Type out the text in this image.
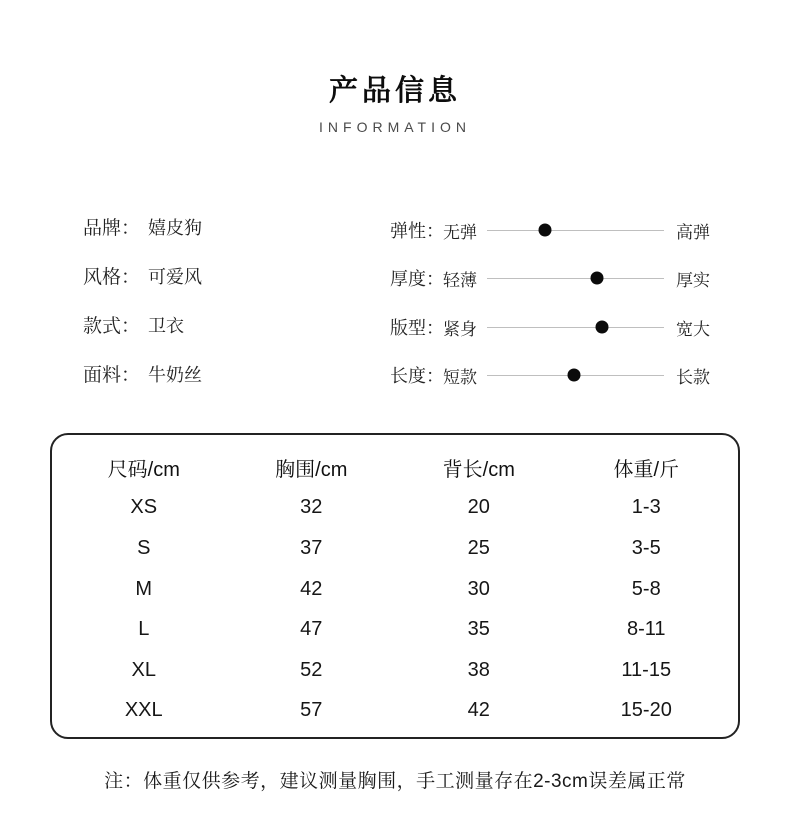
产品信息
INFORMATION
品牌： 嬉皮狗
风格： 可爱风
款式： 卫衣
面料： 牛奶丝
弹性： 无弹	高弹
厚度： 轻薄	厚实
版型： 紧身	宽大
长度： 短款	长款
尺码/cm	胸围/cm	背长/cm	体重/斤
XS	32	20	1-3
S	37	25	3-5
M	42	30	5-8
L	47	35	8-11
XL	52	38	11-15
XXL	57	42	15-20
注：体重仅供参考，建议测量胸围，手工测量存在2-3cm误差属正常
